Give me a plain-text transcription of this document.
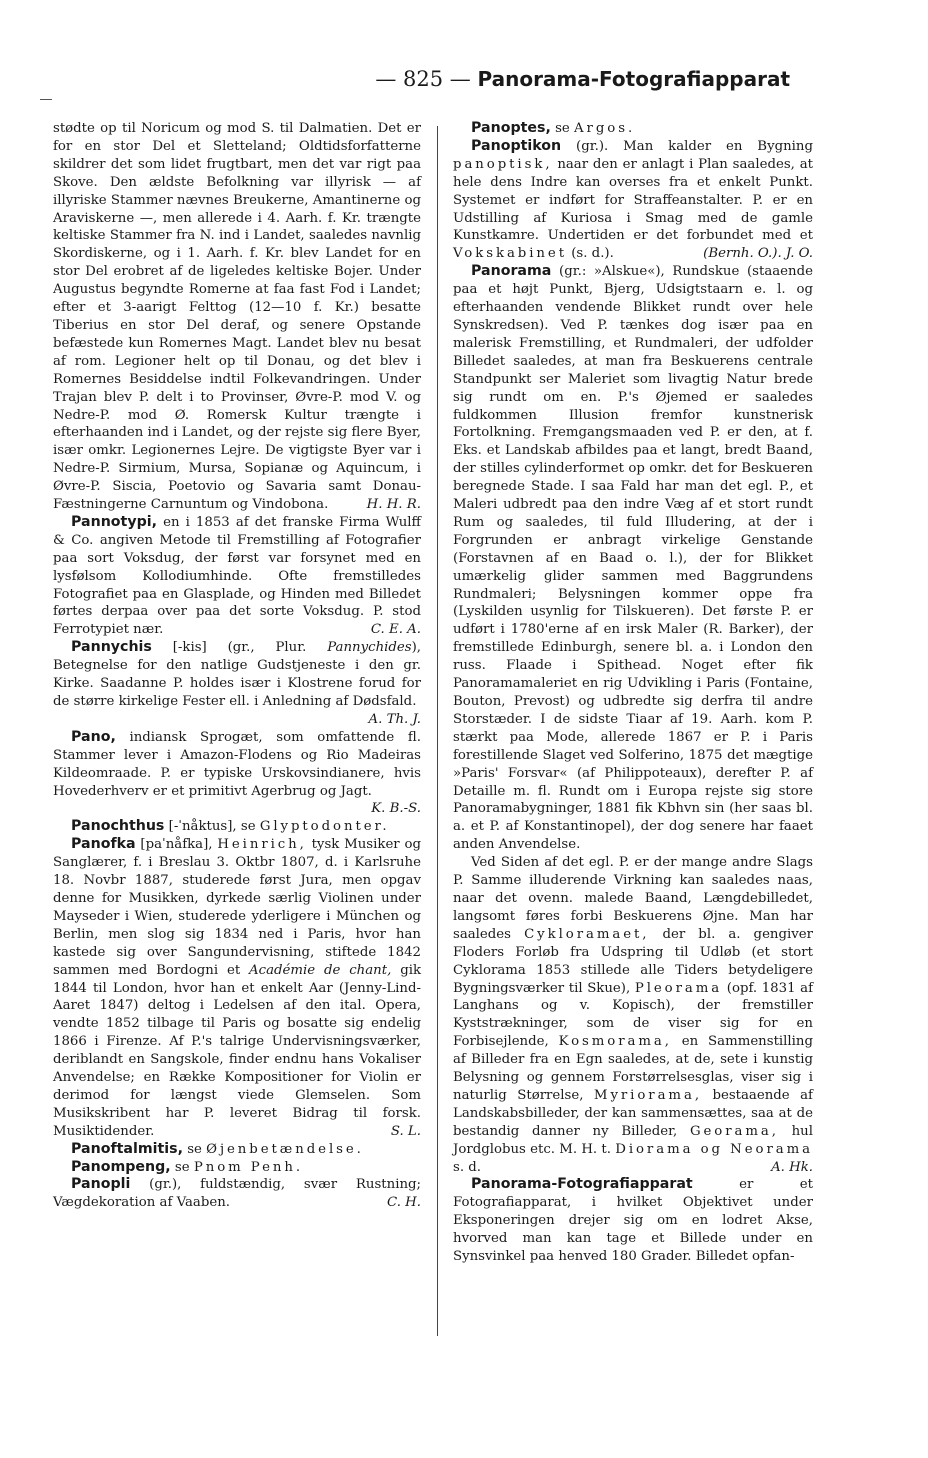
— 825 — Panorama-Fotografiapparat

stødte op til Noricum og mod S. til Dalmatien. Det er for en stor Del et Sletteland; Oldtidsforfatterne skildrer det som lidet frugtbart, men det var rigt paa Skove. Den ældste Befolkning var illyrisk — af illyriske Stammer nævnes Breukerne, Amantinerne og Araviskerne —, men allerede i 4. Aarh. f. Kr. trængte keltiske Stammer fra N. ind i Landet, saaledes navnlig Skordiskerne, og i 1. Aarh. f. Kr. blev Landet for en stor Del erobret af de ligeledes keltiske Bojer. Under Augustus begyndte Romerne at faa fast Fod i Landet; efter et 3-aarigt Felttog (12—10 f. Kr.) besatte Tiberius en stor Del deraf, og senere Opstande befæstede kun Romernes Magt. Landet blev nu besat af rom. Legioner helt op til Donau, og det blev i Romernes Besiddelse indtil Folkevandringen. Under Trajan blev P. delt i to Provinser, Øvre-P. mod V. og Nedre-P. mod Ø. Romersk Kultur trængte i efterhaanden ind i Landet, og der rejste sig flere Byer, især omkr. Legionernes Lejre. De vigtigste Byer var i Nedre-P. Sirmium, Mursa, Sopianæ og Aquincum, i Øvre-P. Siscia, Poetovio og Savaria samt Donau-Fæstningerne Carnuntum og Vindobona.	H. H. R.

Pannotypi, en i 1853 af det franske Firma Wulff & Co. angiven Metode til Fremstilling af Fotografier paa sort Voksdug, der først var forsynet med en lysfølsom Kollodiumhinde. Ofte fremstilledes Fotografiet paa en Glasplade, og Hinden med Billedet førtes derpaa over paa det sorte Voksdug. P. stod Ferrotypiet nær.	C. E. A.

Pannychis [-kis] (gr., Plur. Pannychides), Betegnelse for den natlige Gudstjeneste i den gr. Kirke. Saadanne P. holdes især i Klostrene forud for de større kirkelige Fester ell. i Anledning af Dødsfald.
A. Th. J.

Pano, indiansk Sprogæt, som omfattende fl. Stammer lever i Amazon-Flodens og Rio Madeiras Kildeomraade. P. er typiske Urskovsindianere, hvis Hovederhverv er et primitivt Agerbrug og Jagt.
K. B.-S.

Panochthus [-ˈnåktus], se Glyptodonter.

Panofka [paˈnåfka], Heinrich, tysk Musiker og Sanglærer, f. i Breslau 3. Oktbr 1807, d. i Karlsruhe 18. Novbr 1887, studerede først Jura, men opgav denne for Musikken, dyrkede særlig Violinen under Mayseder i Wien, studerede yderligere i München og Berlin, men slog sig 1834 ned i Paris, hvor han kastede sig over Sangundervisning, stiftede 1842 sammen med Bordogni et Académie de chant, gik 1844 til London, hvor han et enkelt Aar (Jenny-Lind-Aaret 1847) deltog i Ledelsen af den ital. Opera, vendte 1852 tilbage til Paris og bosatte sig endelig 1866 i Firenze. Af P.'s talrige Undervisningsværker, deriblandt en Sangskole, finder endnu hans Vokaliser Anvendelse; en Række Kompositioner for Violin er derimod for længst viede Glemselen. Som Musikskribent har P. leveret Bidrag til forsk. Musiktidender.	S. L.

Panoftalmitis, se Øjenbetændelse.

Panompeng, se Pnom Penh.

Panopli (gr.), fuldstændig, svær Rustning; Vægdekoration af Vaaben.	C. H.

Panoptes, se Argos.

Panoptikon (gr.). Man kalder en Bygning panoptisk, naar den er anlagt i Plan saaledes, at hele dens Indre kan overses fra et enkelt Punkt. Systemet er indført for Straffeanstalter. P. er en Udstilling af Kuriosa i Smag med de gamle Kunstkamre. Undertiden er det forbundet med et Vokskabinet (s. d.).	(Bernh. O.). J. O.

Panorama (gr.: »Alskue«), Rundskue (staaende paa et højt Punkt, Bjerg, Udsigtstaarn e. l. og efterhaanden vendende Blikket rundt over hele Synskredsen). Ved P. tænkes dog især paa en malerisk Fremstilling, et Rundmaleri, der udfolder Billedet saaledes, at man fra Beskuerens centrale Standpunkt ser Maleriet som livagtig Natur brede sig rundt om en. P.'s Øjemed er saaledes fuldkommen Illusion fremfor kunstnerisk Fortolkning. Fremgangsmaaden ved P. er den, at f. Eks. et Landskab afbildes paa et langt, bredt Baand, der stilles cylinderformet op omkr. det for Beskueren beregnede Stade. I saa Fald har man det egl. P., et Maleri udbredt paa den indre Væg af et stort rundt Rum og saaledes, til fuld Illudering, at der i Forgrunden er anbragt virkelige Genstande (Forstavnen af en Baad o. l.), der for Blikket umærkelig glider sammen med Baggrundens Rundmaleri; Belysningen kommer oppe fra (Lyskilden usynlig for Tilskueren). Det første P. er udført i 1780'erne af en irsk Maler (R. Barker), der fremstillede Edinburgh, senere bl. a. i London den russ. Flaade i Spithead. Noget efter fik Panoramamaleriet en rig Udvikling i Paris (Fontaine, Bouton, Prevost) og udbredte sig derfra til andre Storstæder. I de sidste Tiaar af 19. Aarh. kom P. stærkt paa Mode, allerede 1867 er P. i Paris forestillende Slaget ved Solferino, 1875 det mægtige »Paris' Forsvar« (af Philippoteaux), derefter P. af Detaille m. fl. Rundt om i Europa rejste sig store Panoramabygninger, 1881 fik Kbhvn sin (her saas bl. a. et P. af Konstantinopel), der dog senere har faaet anden Anvendelse.

Ved Siden af det egl. P. er der mange andre Slags P. Samme illuderende Virkning kan saaledes naas, naar det ovenn. malede Baand, Længdebilledet, langsomt føres forbi Beskuerens Øjne. Man har saaledes Cykloramaet, der bl. a. gengiver Floders Forløb fra Udspring til Udløb (et stort Cyklorama 1853 stillede alle Tiders betydeligere Bygningsværker til Skue), Pleorama (opf. 1831 af Langhans og v. Kopisch), der fremstiller Kyststrækninger, som de viser sig for en Forbisejlende, Kosmorama, en Sammenstilling af Billeder fra en Egn saaledes, at de, sete i kunstig Belysning og gennem Forstørrelsesglas, viser sig i naturlig Størrelse, Myriorama, bestaaende af Landskabsbilleder, der kan sammensættes, saa at de bestandig danner ny Billeder, Georama, hul Jordglobus etc. M. H. t. Diorama og Neorama s. d.	A. Hk.

Panorama-Fotografiapparat	er et Fotografiapparat, i hvilket Objektivet under Eksponeringen drejer sig om en lodret Akse, hvorved man kan tage et Billede under en Synsvinkel paa henved 180 Grader. Billedet opfan-
